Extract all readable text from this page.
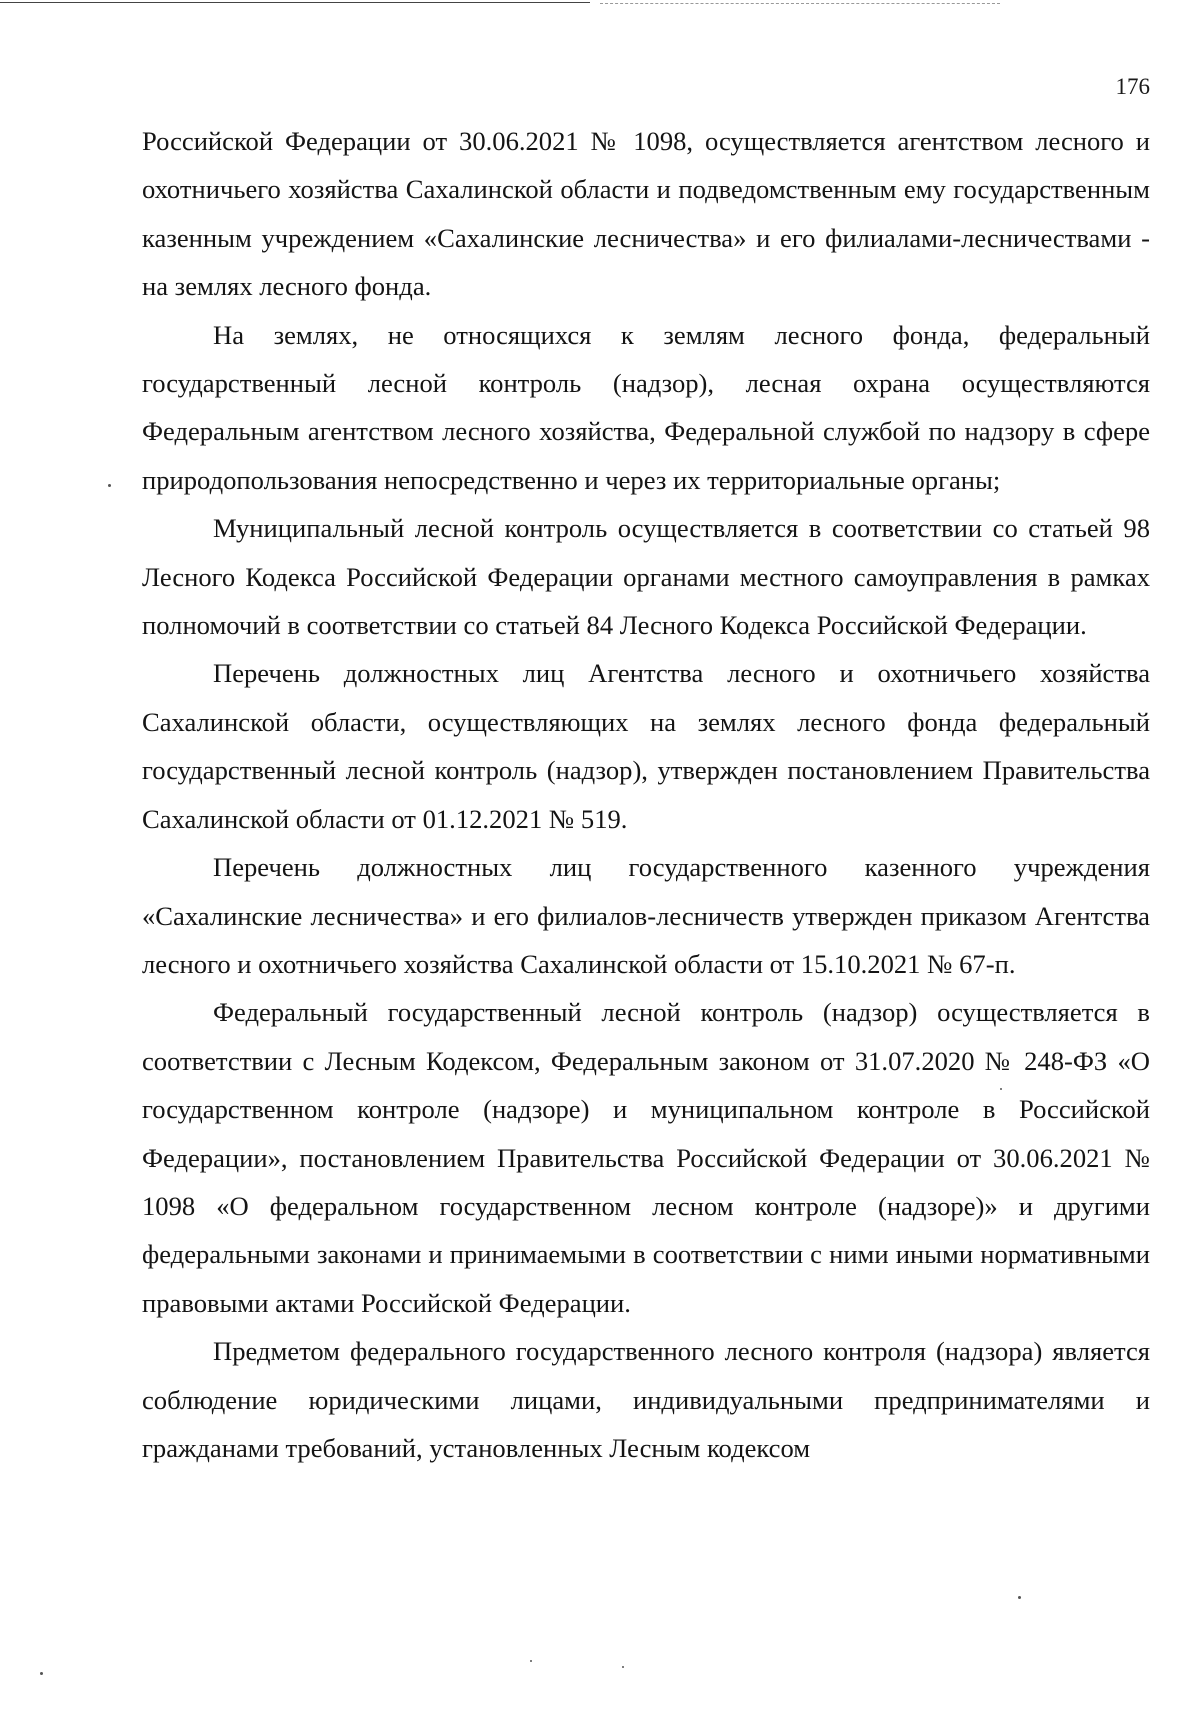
176

Российской Федерации от 30.06.2021 № 1098, осуществляется агентством лесного и охотничьего хозяйства Сахалинской области и подведомственным ему государственным казенным учреждением «Сахалинские лесничества» и его филиалами-лесничествами - на землях лесного фонда.

На землях, не относящихся к землям лесного фонда, федеральный государственный лесной контроль (надзор), лесная охрана осуществляются Федеральным агентством лесного хозяйства, Федеральной службой по надзору в сфере природопользования непосредственно и через их территориальные органы;

Муниципальный лесной контроль осуществляется в соответствии со статьей 98 Лесного Кодекса Российской Федерации органами местного самоуправления в рамках полномочий в соответствии со статьей 84 Лесного Кодекса Российской Федерации.

Перечень должностных лиц Агентства лесного и охотничьего хозяйства Сахалинской области, осуществляющих на землях лесного фонда федеральный государственный лесной контроль (надзор), утвержден постановлением Правительства Сахалинской области от 01.12.2021 № 519.

Перечень должностных лиц государственного казенного учреждения «Сахалинские лесничества» и его филиалов-лесничеств утвержден приказом Агентства лесного и охотничьего хозяйства Сахалинской области от 15.10.2021 № 67-п.

Федеральный государственный лесной контроль (надзор) осуществляется в соответствии с Лесным Кодексом, Федеральным законом от 31.07.2020 № 248-ФЗ «О государственном контроле (надзоре) и муниципальном контроле в Российской Федерации», постановлением Правительства Российской Федерации от 30.06.2021 № 1098 «О федеральном государственном лесном контроле (надзоре)» и другими федеральными законами и принимаемыми в соответствии с ними иными нормативными правовыми актами Российской Федерации.

Предметом федерального государственного лесного контроля (надзора) является соблюдение юридическими лицами, индивидуальными предпринимателями и гражданами требований, установленных Лесным кодексом
